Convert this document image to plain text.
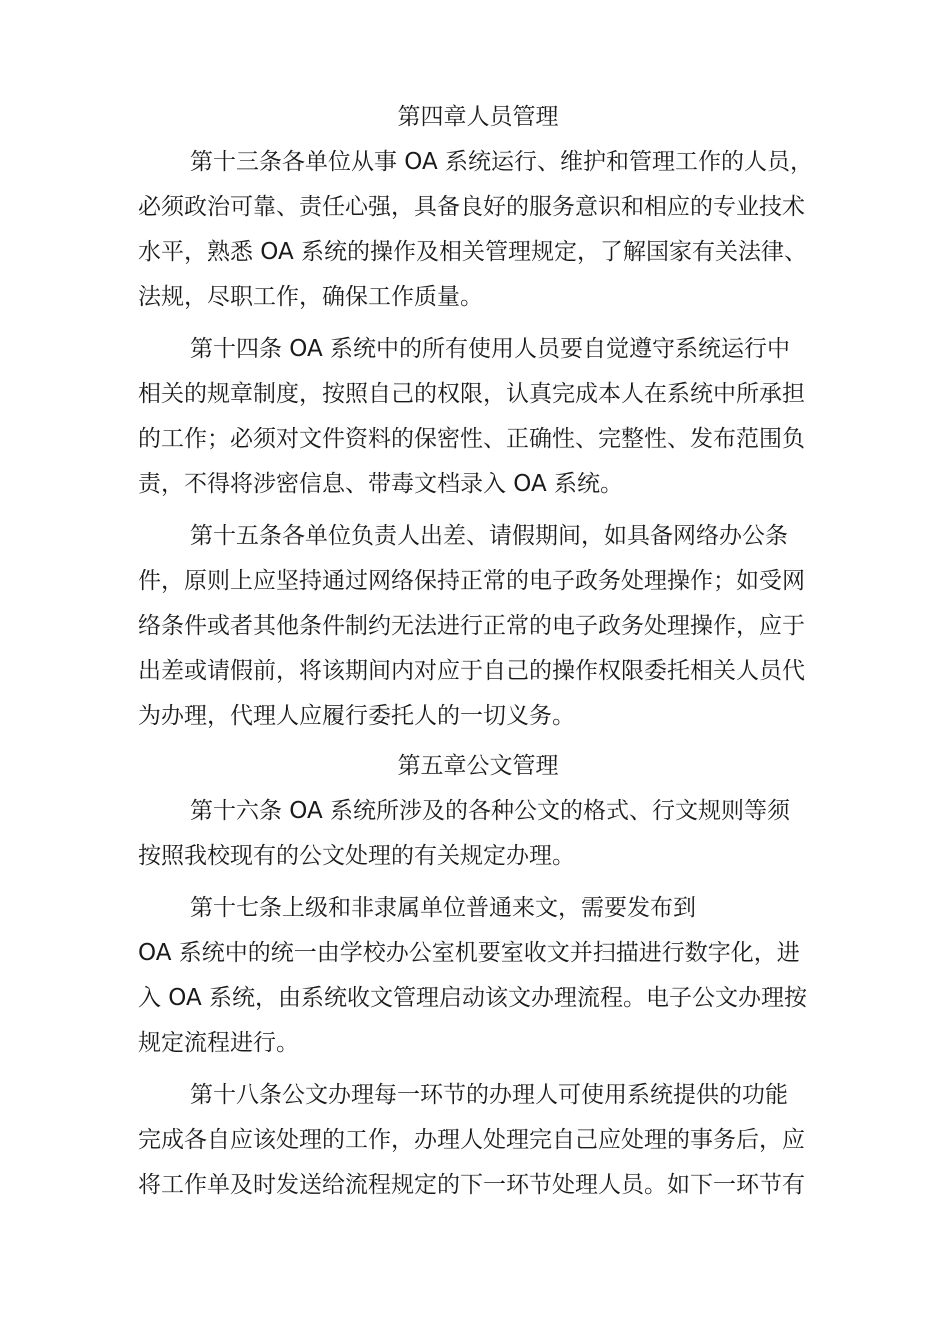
第四章人员管理

第十三条各单位从事 OA 系统运行、维护和管理工作的人员，
必须政治可靠、责任心强，具备良好的服务意识和相应的专业技术
水平，熟悉 OA 系统的操作及相关管理规定，了解国家有关法律、
法规，尽职工作，确保工作质量。

第十四条 OA 系统中的所有使用人员要自觉遵守系统运行中
相关的规章制度，按照自己的权限，认真完成本人在系统中所承担
的工作；必须对文件资料的保密性、正确性、完整性、发布范围负
责，不得将涉密信息、带毒文档录入 OA 系统。

第十五条各单位负责人出差、请假期间，如具备网络办公条
件，原则上应坚持通过网络保持正常的电子政务处理操作；如受网
络条件或者其他条件制约无法进行正常的电子政务处理操作，应于
出差或请假前，将该期间内对应于自己的操作权限委托相关人员代
为办理，代理人应履行委托人的一切义务。

第五章公文管理

第十六条 OA 系统所涉及的各种公文的格式、行文规则等须
按照我校现有的公文处理的有关规定办理。

第十七条上级和非隶属单位普通来文，需要发布到
OA 系统中的统一由学校办公室机要室收文并扫描进行数字化，进
入 OA 系统，由系统收文管理启动该文办理流程。电子公文办理按
规定流程进行。

第十八条公文办理每一环节的办理人可使用系统提供的功能
完成各自应该处理的工作，办理人处理完自己应处理的事务后，应
将工作单及时发送给流程规定的下一环节处理人员。如下一环节有
